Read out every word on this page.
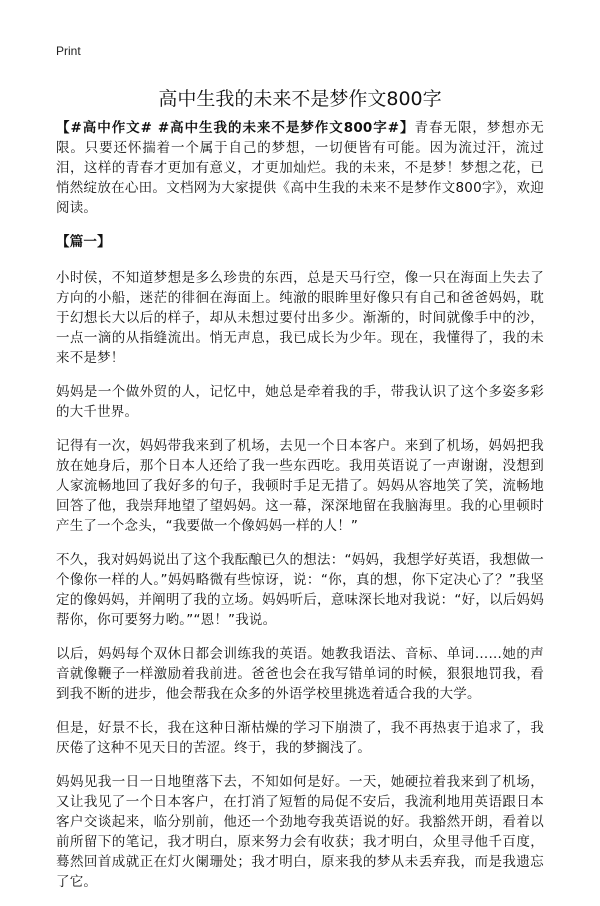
Print
高中生我的未来不是梦作文800字

【#高中作文# #高中生我的未来不是梦作文800字#】青春无限，梦想亦无限。只要还怀揣着一个属于自己的梦想，一切便皆有可能。因为流过汗，流过泪，这样的青春才更加有意义，才更加灿烂。我的未来，不是梦！梦想之花，已悄然绽放在心田。文档网为大家提供《高中生我的未来不是梦作文800字》，欢迎阅读。

【篇一】

小时侯，不知道梦想是多么珍贵的东西，总是天马行空，像一只在海面上失去了方向的小船，迷茫的徘徊在海面上。纯澈的眼眸里好像只有自己和爸爸妈妈，耽于幻想长大以后的样子，却从未想过要付出多少。渐渐的，时间就像手中的沙，一点一滴的从指缝流出。悄无声息，我已成长为少年。现在，我懂得了，我的未来不是梦！

妈妈是一个做外贸的人，记忆中，她总是牵着我的手，带我认识了这个多姿多彩的大千世界。

记得有一次，妈妈带我来到了机场，去见一个日本客户。来到了机场，妈妈把我放在她身后，那个日本人还给了我一些东西吃。我用英语说了一声谢谢，没想到人家流畅地回了我好多的句子，我顿时手足无措了。妈妈从容地笑了笑，流畅地回答了他，我崇拜地望了望妈妈。这一幕，深深地留在我脑海里。我的心里顿时产生了一个念头，“我要做一个像妈妈一样的人！”

不久，我对妈妈说出了这个我酝酿已久的想法：“妈妈，我想学好英语，我想做一个像你一样的人。”妈妈略微有些惊讶，说：“你，真的想，你下定决心了？”我坚定的像妈妈，并阐明了我的立场。妈妈听后，意味深长地对我说：“好，以后妈妈帮你，你可要努力哟。”“恩！”我说。

以后，妈妈每个双休日都会训练我的英语。她教我语法、音标、单词……她的声音就像鞭子一样激励着我前进。爸爸也会在我写错单词的时候，狠狠地罚我，看到我不断的进步，他会帮我在众多的外语学校里挑选着适合我的大学。

但是，好景不长，我在这种日渐枯燥的学习下崩溃了，我不再热衷于追求了，我厌倦了这种不见天日的苦涩。终于，我的梦搁浅了。

妈妈见我一日一日地堕落下去，不知如何是好。一天，她硬拉着我来到了机场，又让我见了一个日本客户，在打消了短暂的局促不安后，我流利地用英语跟日本客户交谈起来，临分别前，他还一个劲地夸我英语说的好。我豁然开朗，看着以前所留下的笔记，我才明白，原来努力会有收获；我才明白，众里寻他千百度，蓦然回首成就正在灯火阑珊处；我才明白，原来我的梦从未丢弃我，而是我遗忘了它。
